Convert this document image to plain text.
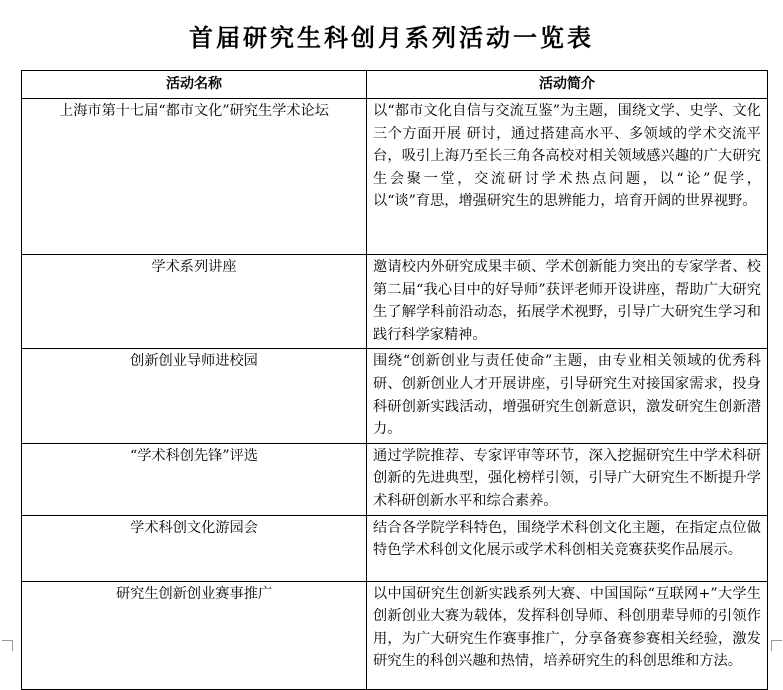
首届研究生科创月系列活动一览表
活动名称	活动简介
上海市第十七届“都市文化”研究生学术论坛	以“都市文化自信与交流互鉴”为主题，围绕文学、史学、文化三个方面开展 研讨，通过搭建高水平、多领域的学术交流平台，吸引上海乃至长三角各高校对相关领域感兴趣的广大研究生会聚一堂，交流研讨学术热点问题，以“论”促学， 以“谈”育思，增强研究生的思辨能力，培育开阔的世界视野。
学术系列讲座	邀请校内外研究成果丰硕、学术创新能力突出的专家学者、校第二届“我心目中的好导师”获评老师开设讲座，帮助广大研究生了解学科前沿动态，拓展学术视野，引导广大研究生学习和践行科学家精神。
创新创业导师进校园	围绕“创新创业与责任使命”主题，由专业相关领域的优秀科研、创新创业人才开展讲座，引导研究生对接国家需求，投身科研创新实践活动，增强研究生创新意识，激发研究生创新潜力。
“学术科创先锋”评选	通过学院推荐、专家评审等环节，深入挖掘研究生中学术科研创新的先进典型，强化榜样引领，引导广大研究生不断提升学术科研创新水平和综合素养。
学术科创文化游园会	结合各学院学科特色，围绕学术科创文化主题，在指定点位做特色学术科创文化展示或学术科创相关竞赛获奖作品展示。
研究生创新创业赛事推广	以中国研究生创新实践系列大赛、中国国际“互联网+”大学生创新创业大赛为载体，发挥科创导师、科创朋辈导师的引领作用，为广大研究生作赛事推广，分享备赛参赛相关经验，激发研究生的科创兴趣和热情，培养研究生的科创思维和方法。
